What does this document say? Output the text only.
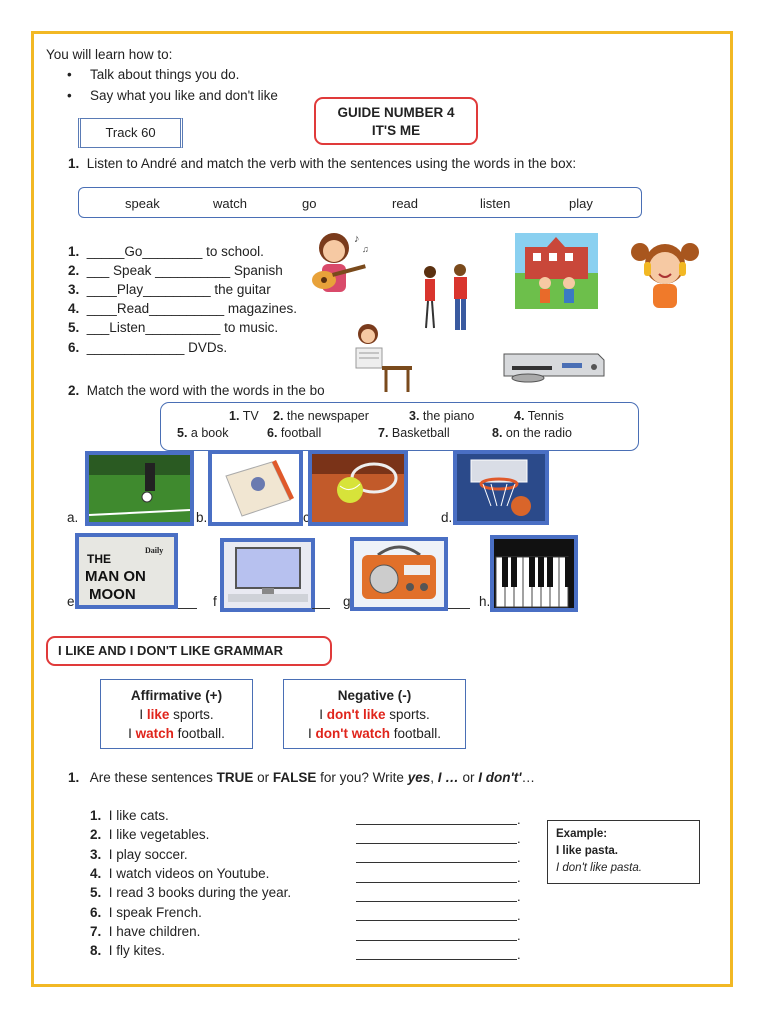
You will learn how to:
• Talk about things you do.
• Say what you like and don't like
GUIDE NUMBER 4
IT'S ME
Track 60
1. Listen to André and match the verb with the sentences using the words in the box:
speak	watch	go	read	listen	play
1. _____Go________ to school.
2. ___ Speak __________ Spanish
3. ____Play_________ the guitar
4. ____Read__________ magazines.
5. ___Listen__________ to music.
6. _____________ DVDs.
♪
♫
2. Match the word with the words in the bo
1. TV 2. the newspaper	3. the piano	4. Tennis
5. a book	6. football	7. Basketball	8. on the radio
a.	b.	c	d.
e
Daily
THE
MAN ON
MOON	f	g	h.
I LIKE AND I DON'T LIKE GRAMMAR
Affirmative (+)
I like sports.
I watch football.
Negative (-)
I don't like sports.
I don't watch football.
1. Are these sentences TRUE or FALSE for you? Write yes, I … or I don't'…
1. I like cats.
2. I like vegetables.
3. I play soccer.
4. I watch videos on Youtube.
5. I read 3 books during the year.
6. I speak French.
7. I have children.
8. I fly kites.
.
.
.
.
.
.
.
.
Example:
I like pasta.
I don't like pasta.
